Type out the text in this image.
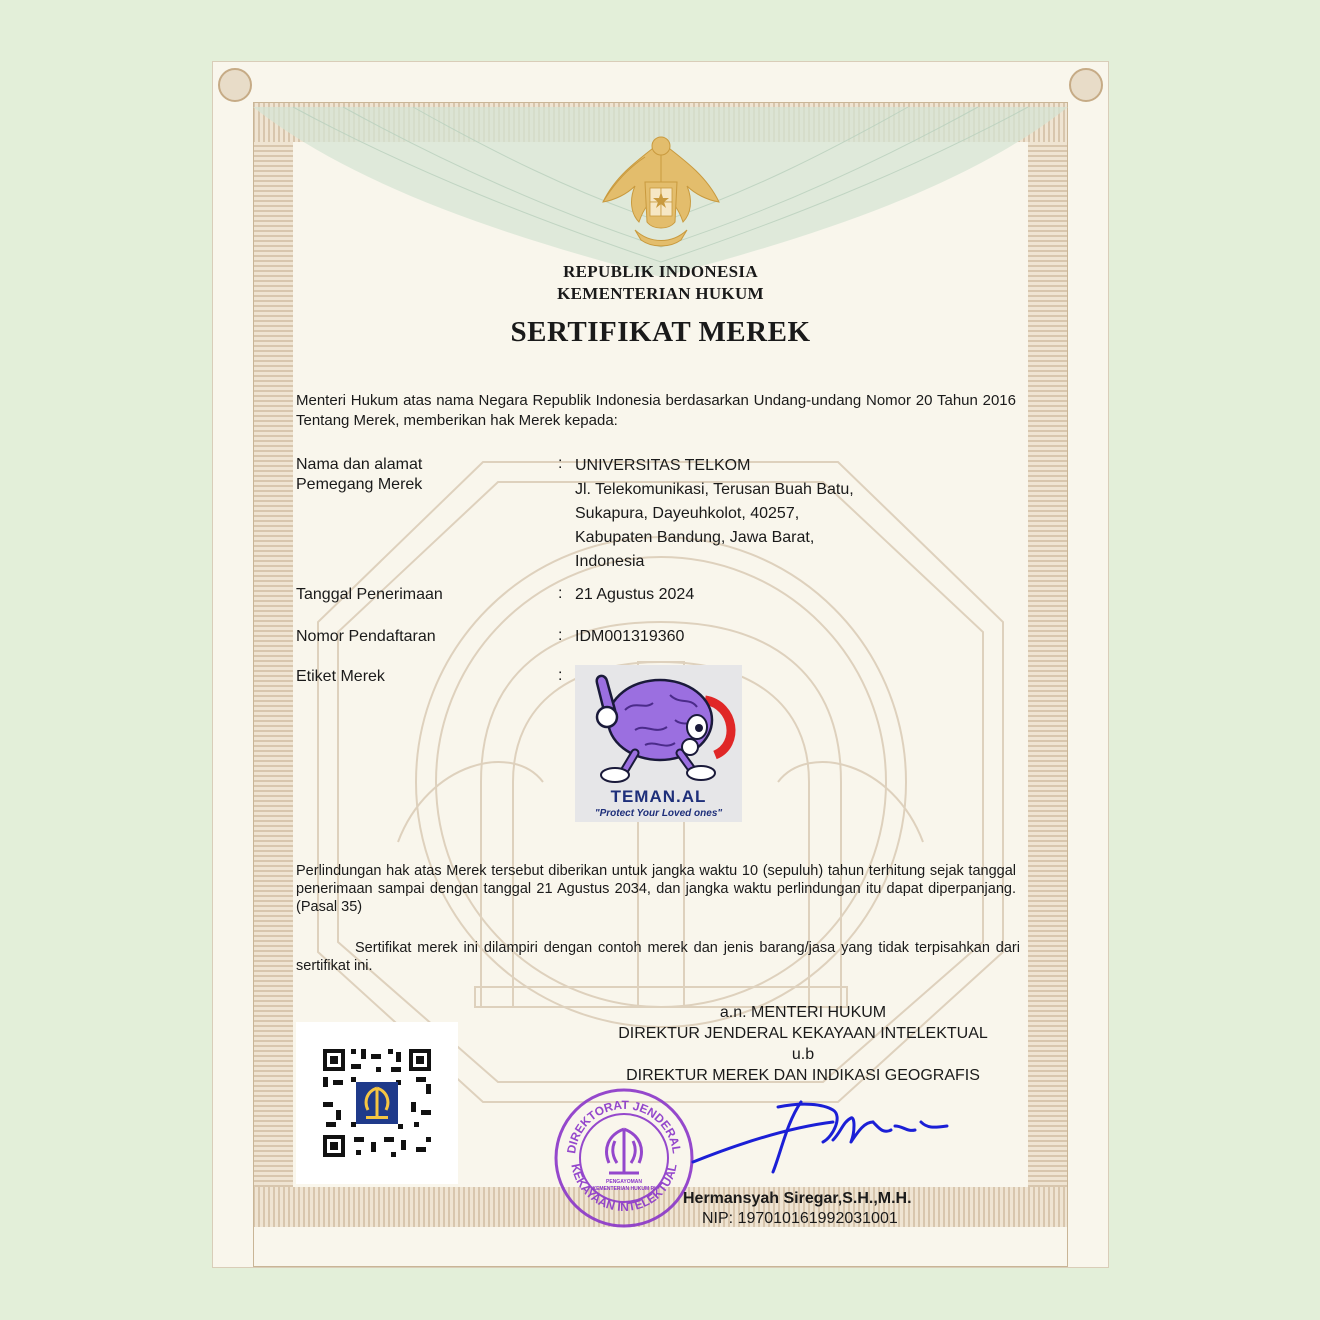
REPUBLIK INDONESIA
KEMENTERIAN HUKUM
SERTIFIKAT MEREK
Menteri Hukum atas nama Negara Republik Indonesia berdasarkan Undang-undang Nomor 20 Tahun 2016 Tentang Merek, memberikan hak Merek kepada:
Nama dan alamat
Pemegang Merek
: UNIVERSITAS TELKOM
Jl. Telekomunikasi, Terusan Buah Batu,
Sukapura, Dayeuhkolot, 40257,
Kabupaten Bandung, Jawa Barat,
Indonesia
Tanggal Penerimaan	: 21 Agustus 2024
Nomor Pendaftaran	: IDM001319360
Etiket Merek	:
TEMAN.AL
"Protect Your Loved ones"
Perlindungan hak atas Merek tersebut diberikan untuk jangka waktu 10 (sepuluh) tahun terhitung sejak tanggal penerimaan sampai dengan tanggal 21 Agustus 2034, dan jangka waktu perlindungan itu dapat diperpanjang. (Pasal 35)
Sertifikat merek ini dilampiri dengan contoh merek dan jenis barang/jasa yang tidak terpisahkan dari sertifikat ini.
a.n. MENTERI HUKUM
DIREKTUR JENDERAL KEKAYAAN INTELEKTUAL
u.b
DIREKTUR MEREK DAN INDIKASI GEOGRAFIS
DIREKTORAT JENDERAL
KEKAYAAN INTELEKTUAL
PENGAYOMAN
KEMENTERIAN HUKUM RI
Hermansyah Siregar,S.H.,M.H.
NIP: 197010161992031001
